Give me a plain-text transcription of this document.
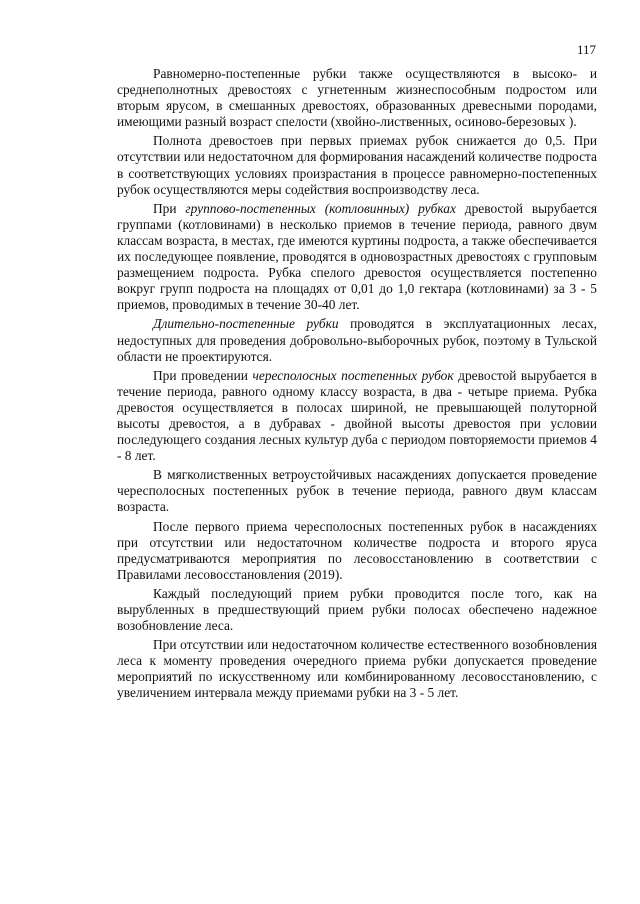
117

Равномерно-постепенные рубки также осуществляются в высоко- и среднеполнотных древостоях с угнетенным жизнеспособным подростом или вторым ярусом, в смешанных древостоях, образованных древесными породами, имеющими разный возраст спелости (хвойно-лиственных, осиново-березовых ).

Полнота древостоев при первых приемах рубок снижается до 0,5. При отсутствии или недостаточном для формирования насаждений количестве подроста в соответствующих условиях произрастания в процессе равномерно-постепенных рубок осуществляются меры содействия воспроизводству леса.

При группово-постепенных (котловинных) рубках древостой вырубается группами (котловинами) в несколько приемов в течение периода, равного двум классам возраста, в местах, где имеются куртины подроста, а также обеспечивается их последующее появление, проводятся в одновозрастных древостоях с групповым размещением подроста. Рубка спелого древостоя осуществляется постепенно вокруг групп подроста на площадях от 0,01 до 1,0 гектара (котловинами) за 3 - 5 приемов, проводимых в течение 30-40 лет.

Длительно-постепенные рубки проводятся в эксплуатационных лесах, недоступных для проведения добровольно-выборочных рубок, поэтому в Тульской области не проектируются.

При проведении чересполосных постепенных рубок древостой вырубается в течение периода, равного одному классу возраста, в два - четыре приема. Рубка древостоя осуществляется в полосах шириной, не превышающей полуторной высоты древостоя, а в дубравах - двойной высоты древостоя при условии последующего создания лесных культур дуба с периодом повторяемости приемов 4 - 8 лет.

В мягколиственных ветроустойчивых насаждениях допускается проведение чересполосных постепенных рубок в течение периода, равного двум классам возраста.

После первого приема чересполосных постепенных рубок в насаждениях при отсутствии или недостаточном количестве подроста и второго яруса предусматриваются мероприятия по лесовосстановлению в соответствии с Правилами лесовосстановления (2019).

Каждый последующий прием рубки проводится после того, как на вырубленных в предшествующий прием рубки полосах обеспечено надежное возобновление леса.

При отсутствии или недостаточном количестве естественного возобновления леса к моменту проведения очередного приема рубки допускается проведение мероприятий по искусственному или комбинированному лесовосстановлению, с увеличением интервала между приемами рубки на 3 - 5 лет.
